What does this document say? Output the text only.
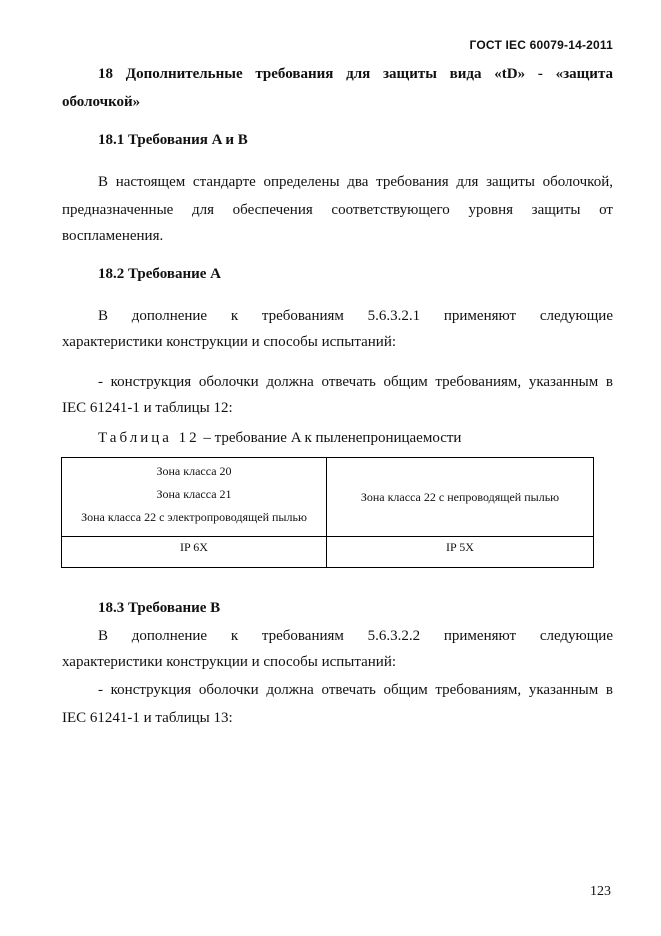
ГОСТ IEC 60079-14-2011

18 Дополнительные требования для защиты вида «tD» - «защита

оболочкой»

18.1 Требования A и B

В настоящем стандарте определены два требования для защиты оболочкой,

предназначенные для обеспечения соответствующего уровня защиты от

воспламенения.

18.2 Требование A

В дополнение к требованиям 5.6.3.2.1 применяют следующие

характеристики конструкции и способы испытаний:

- конструкция оболочки должна отвечать общим требованиям, указанным в

IEC 61241-1 и таблицы 12:

Таблица 12 – требование A к пыленепроницаемости
Зона класса 20
Зона класса 21
Зона класса 22 с электропроводящей пылью	Зона класса 22 с непроводящей пылью

IP 6X	IP 5X

18.3 Требование B

В дополнение к требованиям 5.6.3.2.2 применяют следующие

характеристики конструкции и способы испытаний:

- конструкция оболочки должна отвечать общим требованиям, указанным в

IEC 61241-1 и таблицы 13:

123
